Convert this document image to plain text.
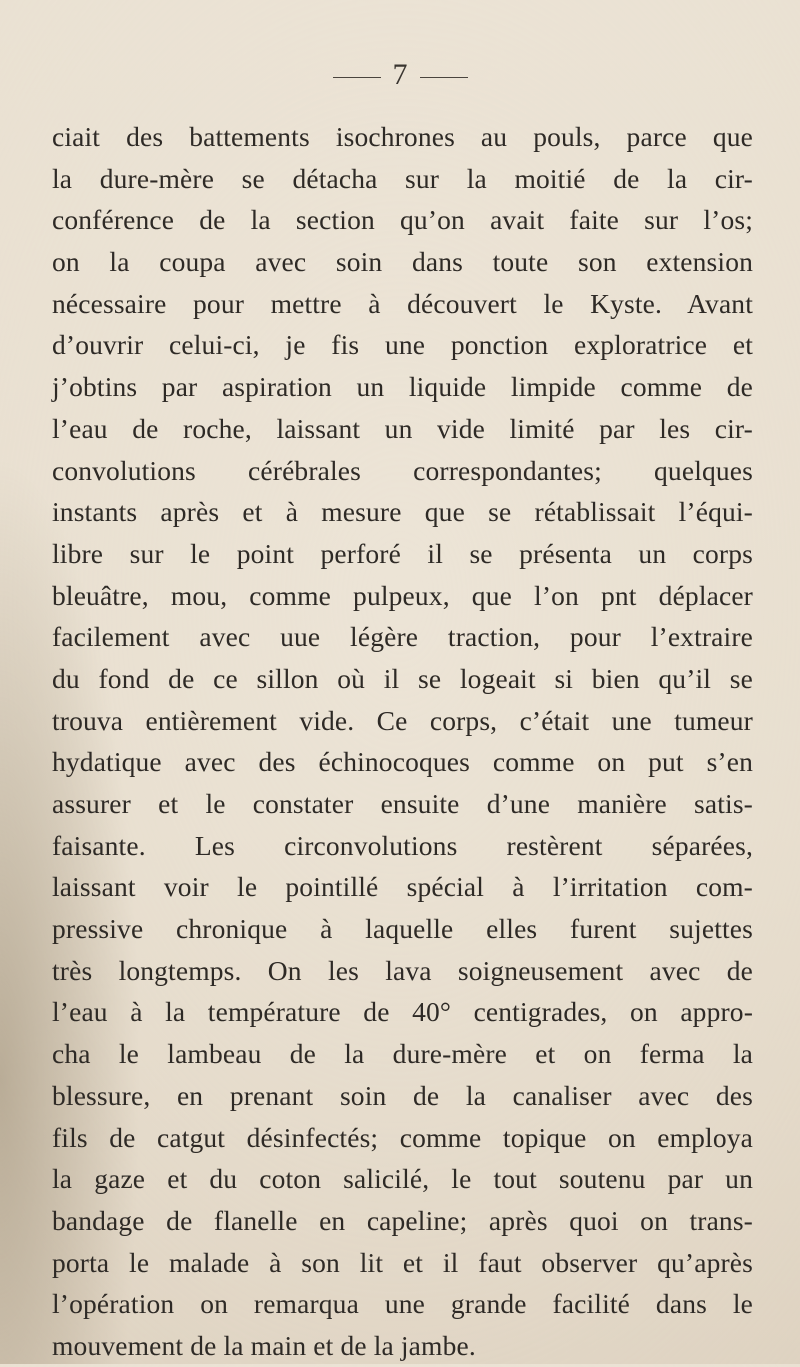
7
ciait des battements isochrones au pouls, parce que
la dure-mère se détacha sur la moitié de la cir-
conférence de la section qu’on avait faite sur l’os;
on la coupa avec soin dans toute son extension
nécessaire pour mettre à découvert le Kyste. Avant
d’ouvrir celui-ci, je fis une ponction exploratrice et
j’obtins par aspiration un liquide limpide comme de
l’eau de roche, laissant un vide limité par les cir-
convolutions cérébrales correspondantes; quelques
instants après et à mesure que se rétablissait l’équi-
libre sur le point perforé il se présenta un corps
bleuâtre, mou, comme pulpeux, que l’on pnt déplacer
facilement avec uue légère traction, pour l’extraire
du fond de ce sillon où il se logeait si bien qu’il se
trouva entièrement vide. Ce corps, c’était une tumeur
hydatique avec des échinocoques comme on put s’en
assurer et le constater ensuite d’une manière satis-
faisante. Les circonvolutions restèrent séparées,
laissant voir le pointillé spécial à l’irritation com-
pressive chronique à laquelle elles furent sujettes
très longtemps. On les lava soigneusement avec de
l’eau à la température de 40° centigrades, on appro-
cha le lambeau de la dure-mère et on ferma la
blessure, en prenant soin de la canaliser avec des
fils de catgut désinfectés; comme topique on employa
la gaze et du coton salicilé, le tout soutenu par un
bandage de flanelle en capeline; après quoi on trans-
porta le malade à son lit et il faut observer qu’après
l’opération on remarqua une grande facilité dans le
mouvement de la main et de la jambe.
